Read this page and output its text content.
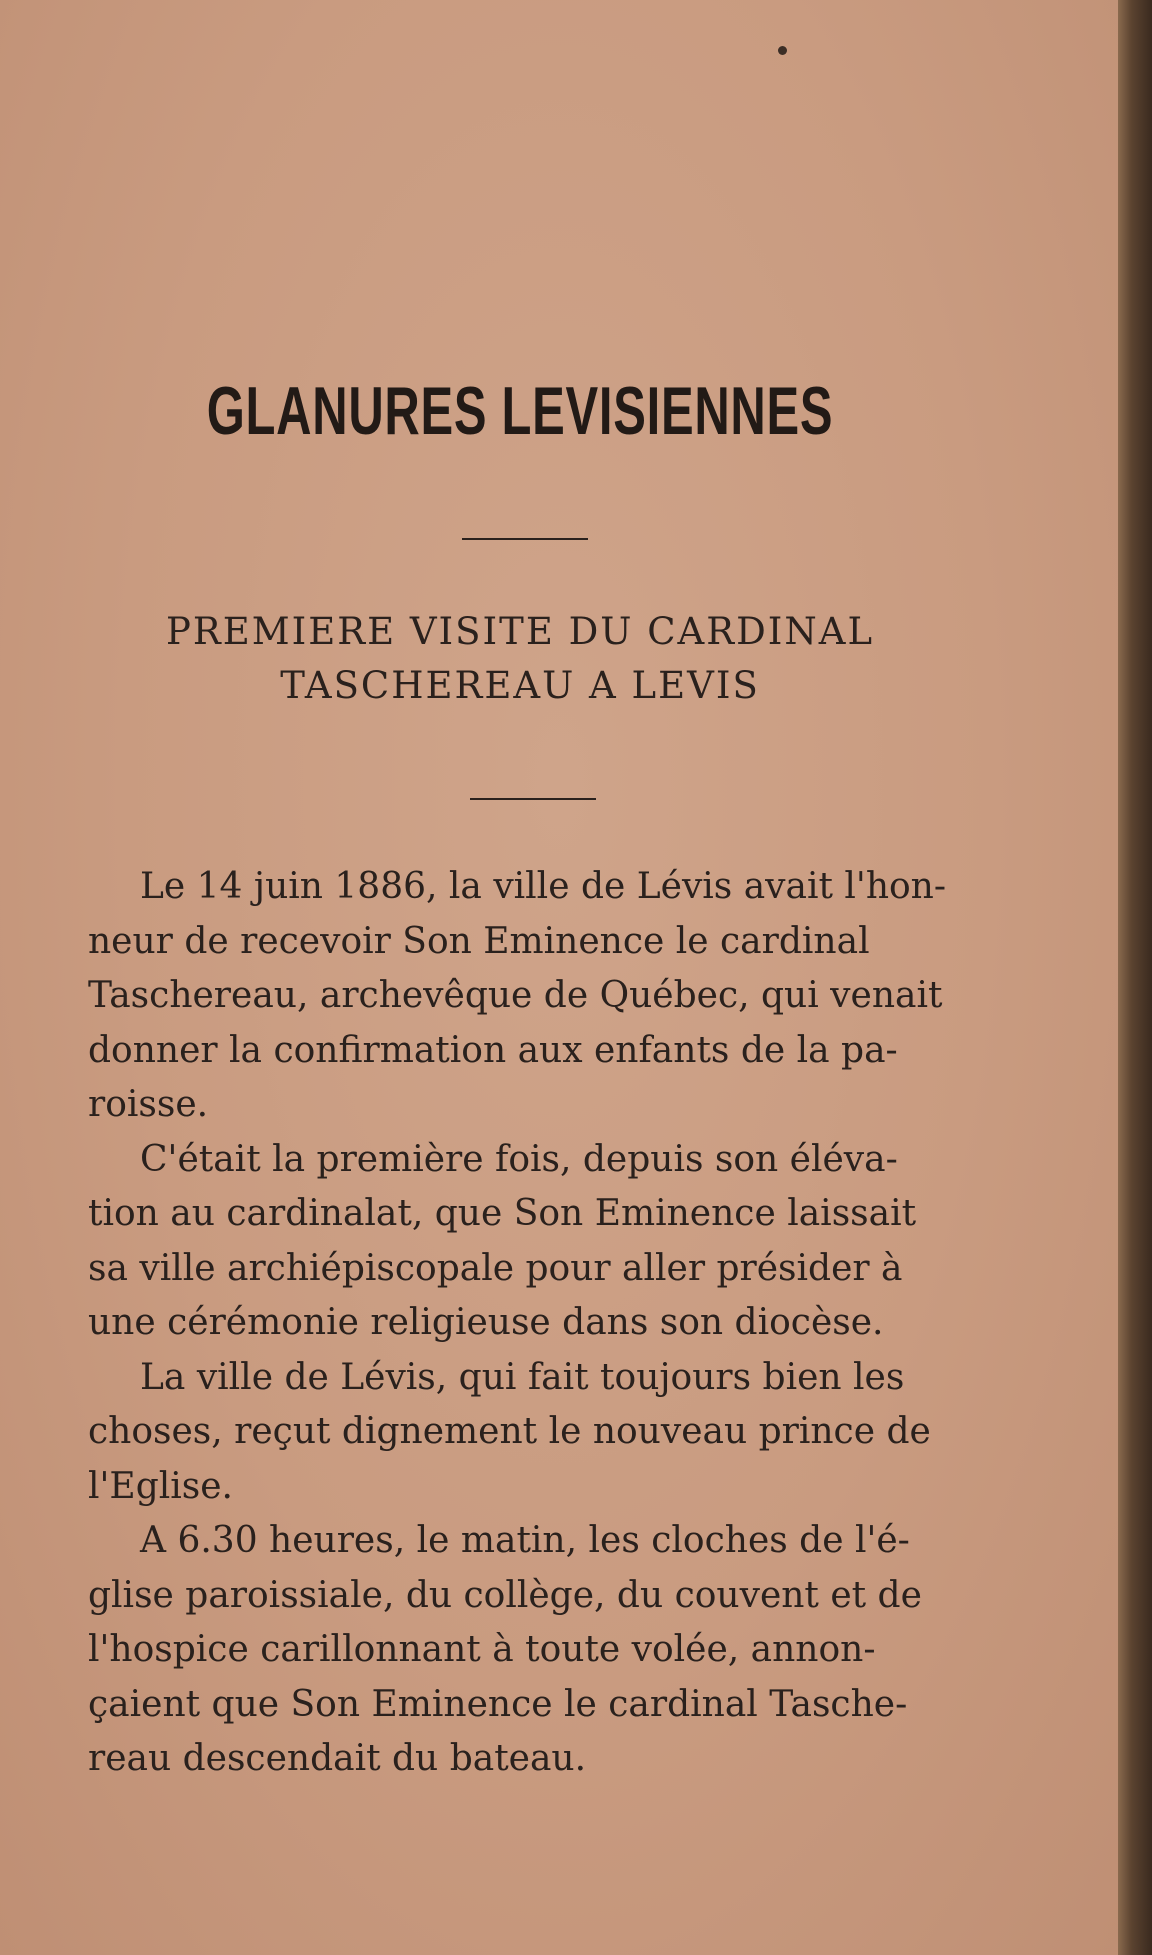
GLANURES LEVISIENNES
PREMIERE VISITE DU CARDINAL
TASCHEREAU A LEVIS

Le 14 juin 1886, la ville de Lévis avait l'hon-
neur de recevoir Son Eminence le cardinal
Taschereau, archevêque de Québec, qui venait
donner la confirmation aux enfants de la pa-
roisse.

C'était la première fois, depuis son éléva-
tion au cardinalat, que Son Eminence laissait
sa ville archiépiscopale pour aller présider à
une cérémonie religieuse dans son diocèse.

La ville de Lévis, qui fait toujours bien les
choses, reçut dignement le nouveau prince de
l'Eglise.

A 6.30 heures, le matin, les cloches de l'é-
glise paroissiale, du collège, du couvent et de
l'hospice carillonnant à toute volée, annon-
çaient que Son Eminence le cardinal Tasche-
reau descendait du bateau.
